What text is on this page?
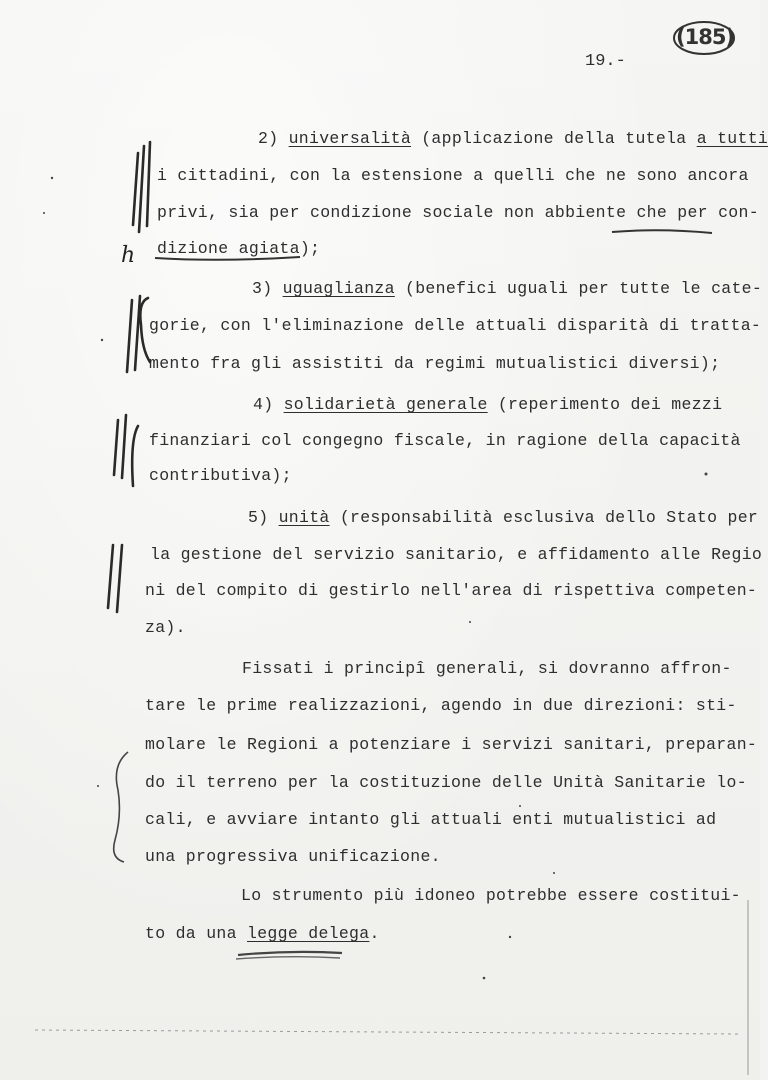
(185)
19.-
2) universalità (applicazione della tutela a tutti
i cittadini, con la estensione a quelli che ne sono ancora
privi, sia per condizione sociale non abbiente che per con-
dizione agiata);
3) uguaglianza (benefici uguali per tutte le cate-
gorie, con l'eliminazione delle attuali disparità di tratta-
mento fra gli assistiti da regimi mutualistici diversi);
4) solidarietà generale (reperimento dei mezzi
finanziari col congegno fiscale, in ragione della capacità
contributiva);
5) unità (responsabilità esclusiva dello Stato per
la gestione del servizio sanitario, e affidamento alle Regio
ni del compito di gestirlo nell'area di rispettiva competen-
za).
Fissati i principî generali, si dovranno affron-
tare le prime realizzazioni, agendo in due direzioni: sti-
molare le Regioni a potenziare i servizi sanitari, preparan-
do il terreno per la costituzione delle Unità Sanitarie lo-
cali, e avviare intanto gli attuali enti mutualistici ad
una progressiva unificazione.
Lo strumento più idoneo potrebbe essere costitui-
to da una legge delega.
h
